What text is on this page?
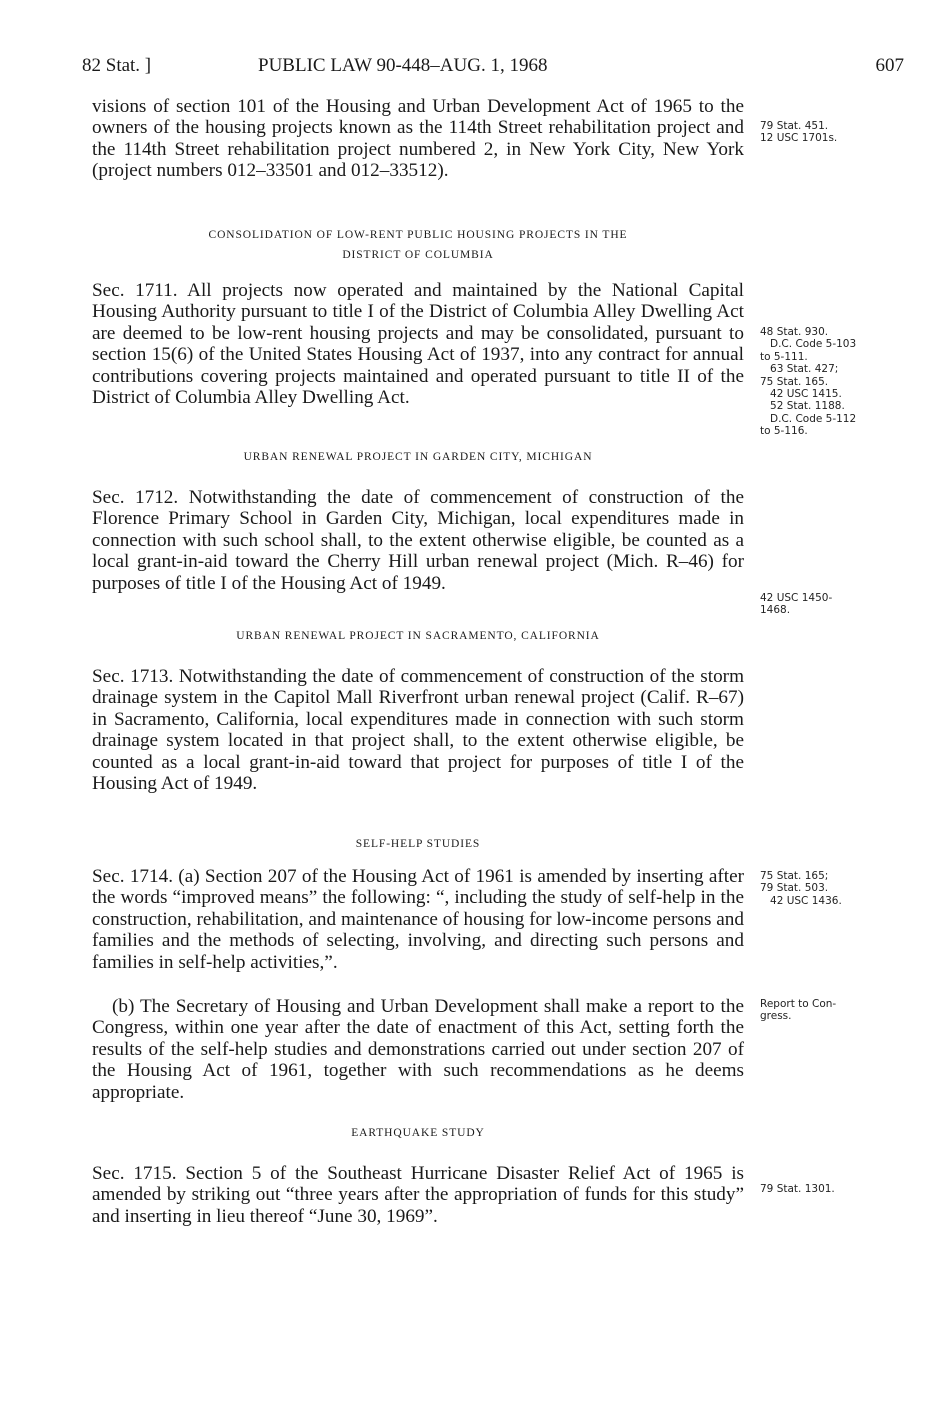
82 Stat. ]	PUBLIC LAW 90-448–AUG. 1, 1968	607

visions of section 101 of the Housing and Urban Development Act of 1965 to the owners of the housing projects known as the 114th Street rehabilitation project and the 114th Street rehabilitation project numbered 2, in New York City, New York (project numbers 012–33501 and 012–33512).

CONSOLIDATION OF LOW-RENT PUBLIC HOUSING PROJECTS IN THE
DISTRICT OF COLUMBIA

Sec. 1711. All projects now operated and maintained by the National Capital Housing Authority pursuant to title I of the District of Columbia Alley Dwelling Act are deemed to be low-rent housing projects and may be consolidated, pursuant to section 15(6) of the United States Housing Act of 1937, into any contract for annual contributions covering projects maintained and operated pursuant to title II of the District of Columbia Alley Dwelling Act.

URBAN RENEWAL PROJECT IN GARDEN CITY, MICHIGAN

Sec. 1712. Notwithstanding the date of commencement of construction of the Florence Primary School in Garden City, Michigan, local expenditures made in connection with such school shall, to the extent otherwise eligible, be counted as a local grant-in-aid toward the Cherry Hill urban renewal project (Mich. R–46) for purposes of title I of the Housing Act of 1949.

URBAN RENEWAL PROJECT IN SACRAMENTO, CALIFORNIA

Sec. 1713. Notwithstanding the date of commencement of construction of the storm drainage system in the Capitol Mall Riverfront urban renewal project (Calif. R–67) in Sacramento, California, local expenditures made in connection with such storm drainage system located in that project shall, to the extent otherwise eligible, be counted as a local grant-in-aid toward that project for purposes of title I of the Housing Act of 1949.

SELF-HELP STUDIES

Sec. 1714. (a) Section 207 of the Housing Act of 1961 is amended by inserting after the words “improved means” the following: “, including the study of self-help in the construction, rehabilitation, and maintenance of housing for low-income persons and families and the methods of selecting, involving, and directing such persons and families in self-help activities,”.

(b) The Secretary of Housing and Urban Development shall make a report to the Congress, within one year after the date of enactment of this Act, setting forth the results of the self-help studies and demonstrations carried out under section 207 of the Housing Act of 1961, together with such recommendations as he deems appropriate.

EARTHQUAKE STUDY

Sec. 1715. Section 5 of the Southeast Hurricane Disaster Relief Act of 1965 is amended by striking out “three years after the appropriation of funds for this study” and inserting in lieu thereof “June 30, 1969”.

79 Stat. 451.
12 USC 1701s.
48 Stat. 930.
D.C. Code 5-103
to 5-111.
63 Stat. 427;
75 Stat. 165.
42 USC 1415.
52 Stat. 1188.
D.C. Code 5-112
to 5-116.
42 USC 1450-
1468.
75 Stat. 165;
79 Stat. 503.
42 USC 1436.
Report to Con-
gress.
79 Stat. 1301.
